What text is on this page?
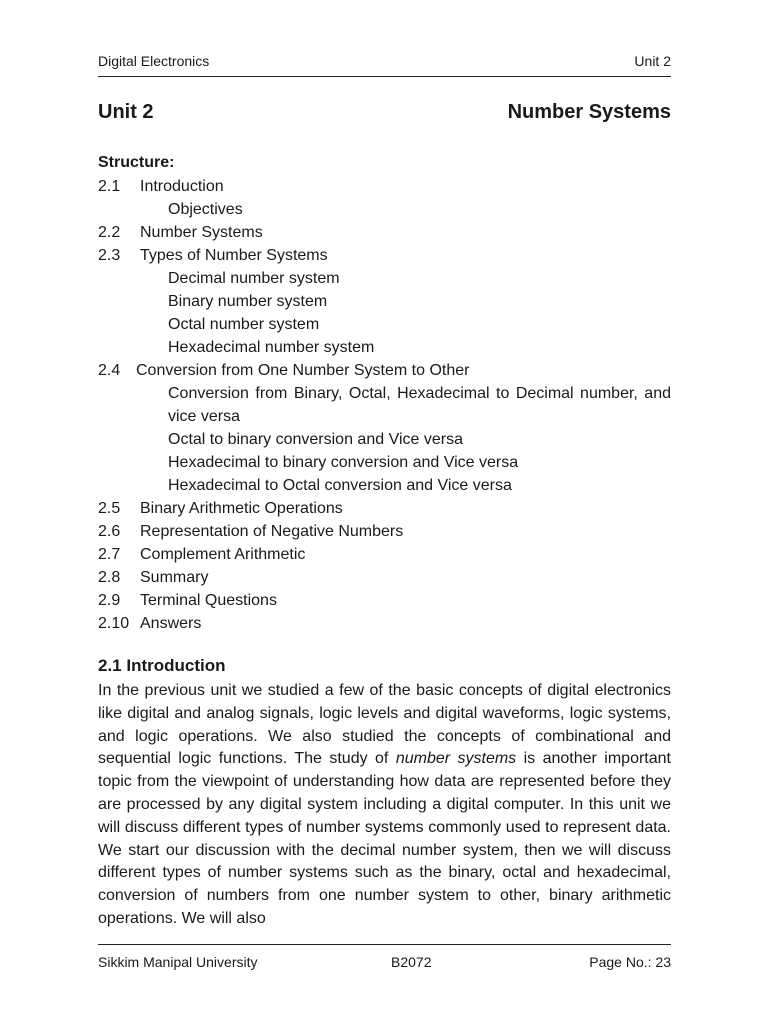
Digital Electronics	Unit 2
Unit 2	Number Systems
Structure:
2.1 Introduction
Objectives
2.2 Number Systems
2.3 Types of Number Systems
Decimal number system
Binary number system
Octal number system
Hexadecimal number system
2.4 Conversion from One Number System to Other
Conversion from Binary, Octal, Hexadecimal to Decimal number, and vice versa
Octal to binary conversion and Vice versa
Hexadecimal to binary conversion and Vice versa
Hexadecimal to Octal conversion and Vice versa
2.5 Binary Arithmetic Operations
2.6 Representation of Negative Numbers
2.7 Complement Arithmetic
2.8 Summary
2.9 Terminal Questions
2.10 Answers
2.1 Introduction

In the previous unit we studied a few of the basic concepts of digital electronics like digital and analog signals, logic levels and digital waveforms, logic systems, and logic operations. We also studied the concepts of combinational and sequential logic functions. The study of number systems is another important topic from the viewpoint of understanding how data are represented before they are processed by any digital system including a digital computer. In this unit we will discuss different types of number systems commonly used to represent data. We start our discussion with the decimal number system, then we will discuss different types of number systems such as the binary, octal and hexadecimal, conversion of numbers from one number system to other, binary arithmetic operations. We will also

Sikkim Manipal University	B2072	Page No.: 23
